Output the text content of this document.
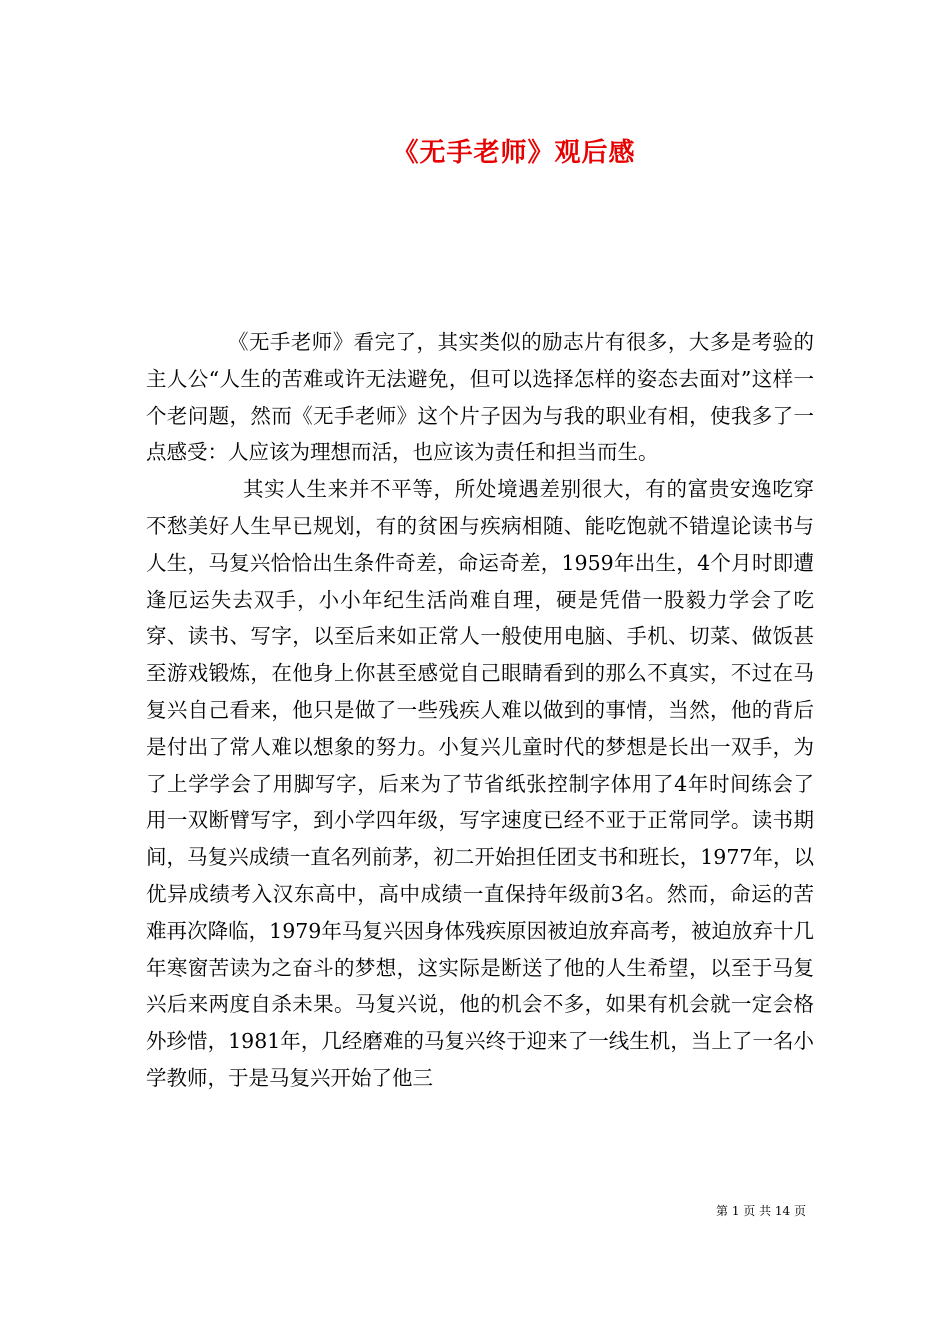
《无手老师》观后感

《无手老师》看完了，其实类似的励志片有很多，大多是考验的主人公“人生的苦难或许无法避免，但可以选择怎样的姿态去面对”这样一个老问题，然而《无手老师》这个片子因为与我的职业有相，使我多了一点感受：人应该为理想而活，也应该为责任和担当而生。

其实人生来并不平等，所处境遇差别很大，有的富贵安逸吃穿不愁美好人生早已规划，有的贫困与疾病相随、能吃饱就不错遑论读书与人生，马复兴恰恰出生条件奇差，命运奇差，1959年出生，4个月时即遭逢厄运失去双手，小小年纪生活尚难自理，硬是凭借一股毅力学会了吃穿、读书、写字，以至后来如正常人一般使用电脑、手机、切菜、做饭甚至游戏锻炼，在他身上你甚至感觉自己眼睛看到的那么不真实，不过在马复兴自己看来，他只是做了一些残疾人难以做到的事情，当然，他的背后是付出了常人难以想象的努力。小复兴儿童时代的梦想是长出一双手，为了上学学会了用脚写字，后来为了节省纸张控制字体用了4年时间练会了用一双断臂写字，到小学四年级，写字速度已经不亚于正常同学。读书期间，马复兴成绩一直名列前茅，初二开始担任团支书和班长，1977年，以优异成绩考入汉东高中，高中成绩一直保持年级前3名。然而，命运的苦难再次降临，1979年马复兴因身体残疾原因被迫放弃高考，被迫放弃十几年寒窗苦读为之奋斗的梦想，这实际是断送了他的人生希望，以至于马复兴后来两度自杀未果。马复兴说，他的机会不多，如果有机会就一定会格外珍惜，1981年，几经磨难的马复兴终于迎来了一线生机，当上了一名小学教师，于是马复兴开始了他三

第 1 页 共 14 页
